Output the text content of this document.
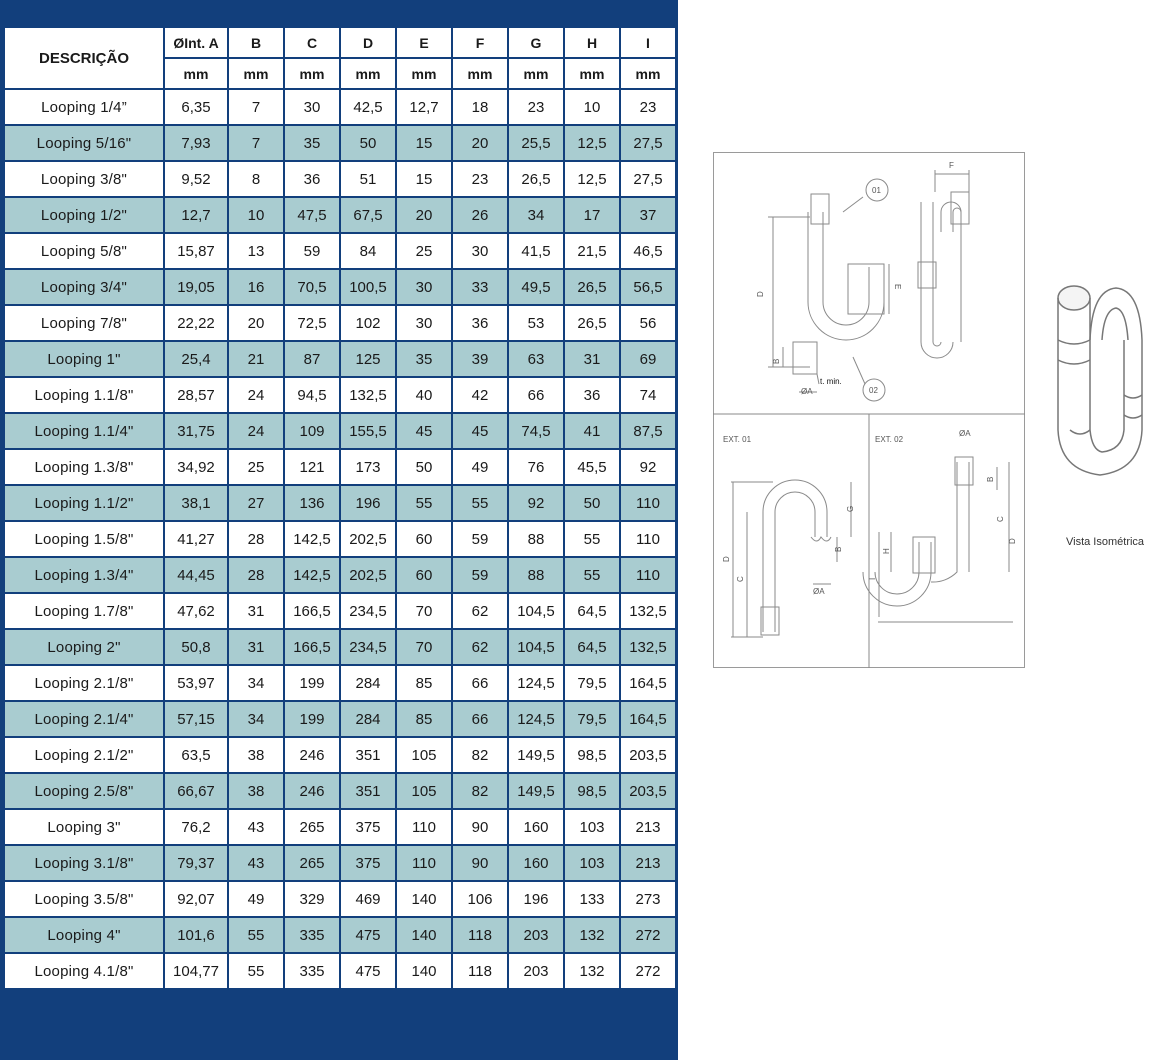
DESCRIÇÃO	ØInt. A	B	C	D	E	F	G	H	I
	mm	mm	mm	mm	mm	mm	mm	mm	mm
Looping 1/4”	6,35	7	30	42,5	12,7	18	23	10	23
Looping 5/16"	7,93	7	35	50	15	20	25,5	12,5	27,5
Looping 3/8"	9,52	8	36	51	15	23	26,5	12,5	27,5
Looping 1/2"	12,7	10	47,5	67,5	20	26	34	17	37
Looping 5/8"	15,87	13	59	84	25	30	41,5	21,5	46,5
Looping 3/4"	19,05	16	70,5	100,5	30	33	49,5	26,5	56,5
Looping 7/8"	22,22	20	72,5	102	30	36	53	26,5	56
Looping 1"	25,4	21	87	125	35	39	63	31	69
Looping 1.1/8"	28,57	24	94,5	132,5	40	42	66	36	74
Looping 1.1/4"	31,75	24	109	155,5	45	45	74,5	41	87,5
Looping 1.3/8"	34,92	25	121	173	50	49	76	45,5	92
Looping 1.1/2"	38,1	27	136	196	55	55	92	50	110
Looping 1.5/8"	41,27	28	142,5	202,5	60	59	88	55	110
Looping 1.3/4"	44,45	28	142,5	202,5	60	59	88	55	110
Looping 1.7/8"	47,62	31	166,5	234,5	70	62	104,5	64,5	132,5
Looping 2"	50,8	31	166,5	234,5	70	62	104,5	64,5	132,5
Looping 2.1/8"	53,97	34	199	284	85	66	124,5	79,5	164,5
Looping 2.1/4"	57,15	34	199	284	85	66	124,5	79,5	164,5
Looping 2.1/2"	63,5	38	246	351	105	82	149,5	98,5	203,5
Looping 2.5/8"	66,67	38	246	351	105	82	149,5	98,5	203,5
Looping 3"	76,2	43	265	375	110	90	160	103	213
Looping 3.1/8"	79,37	43	265	375	110	90	160	103	213
Looping 3.5/8"	92,07	49	329	469	140	106	196	133	273
Looping 4"	101,6	55	335	475	140	118	203	132	272
Looping 4.1/8"	104,77	55	335	475	140	118	203	132	272
D
B
E
ØA
t. min.
01
02
F
EXT. 01	EXT. 02
G
B
D
C
ØA
ØA
B
C
D
H
I
Vista Isométrica
